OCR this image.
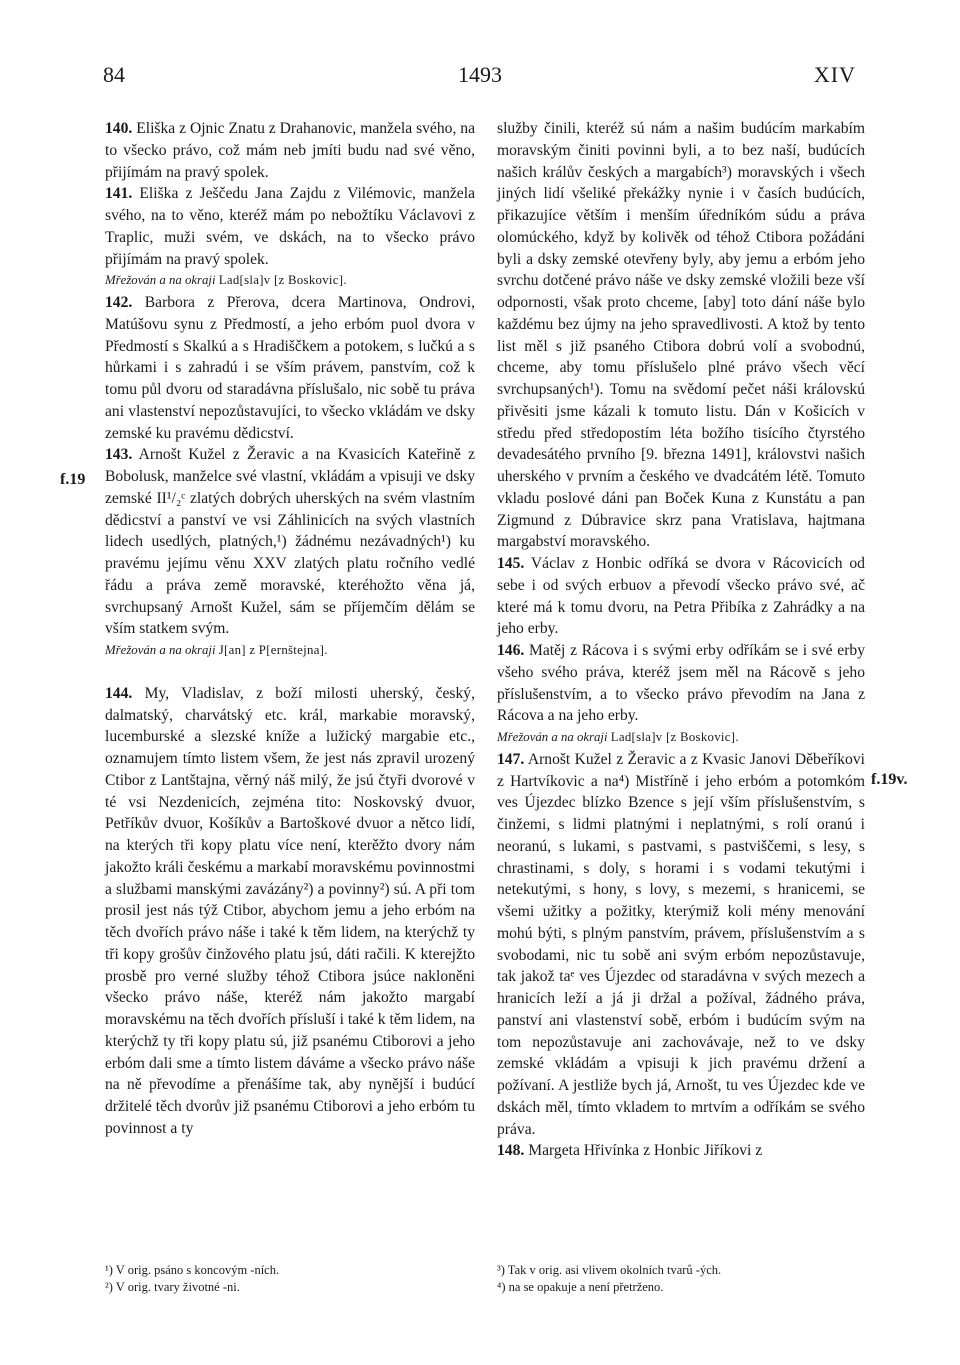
84	1493	XIV
f.19
f.19v.

140. Eliška z Ojnic Znatu z Drahanovic, manžela svého, na to všecko právo, což mám neb jmíti budu nad své věno, přijímám na pravý spolek.

141. Eliška z Ješčedu Jana Zajdu z Vilémovic, manžela svého, na to věno, kteréž mám po nebožtíku Václavovi z Traplic, muži svém, ve dskách, na to všecko právo přijímám na pravý spolek.

Mřežován a na okraji Lad[sla]v [z Boskovic].

142. Barbora z Přerova, dcera Martinova, Ondrovi, Matúšovu synu z Předmostí, a jeho erbóm puol dvora v Předmostí s Skalkú a s Hradiščkem a potokem, s lučkú a s hůrkami i s zahradú i se vším právem, panstvím, což k tomu půl dvoru od staradávna příslušalo, nic sobě tu práva ani vlastenství nepozůstavujíci, to všecko vkládám ve dsky zemské ku pravému dědicství.

143. Arnošt Kužel z Žeravic a na Kvasicích Kateřině z Bobolusk, manželce své vlastní, vkládám a vpisuji ve dsky zemské II¹/₂ᶜ zlatých dobrých uherských na svém vlastním dědicství a panství ve vsi Záhlinicích na svých vlastních lidech usedlých, platných,¹) žádnému nezávadných¹) ku pravému jejímu věnu XXV zlatých platu ročního vedlé řádu a práva země moravské, kteréhožto věna já, svrchupsaný Arnošt Kužel, sám se příjemčím dělám se vším statkem svým.

Mřežován a na okraji J[an] z P[ernštejna].

144. My, Vladislav, z boží milosti uherský, český, dalmatský, charvátský etc. král, markabie moravský, lucemburské a slezské kníže a lužický margabie etc., oznamujem tímto listem všem, že jest nás zpravil urozený Ctibor z Lantštajna, věrný náš milý, že jsú čtyři dvorové v té vsi Nezdenicích, zejména tito: Noskovský dvuor, Petříkův dvuor, Košíkův a Bartoškové dvuor a nětco lidí, na kterých tři kopy platu více není, kterěžto dvory nám jakožto králi českému a markabí moravskému povinnostmi a službami manskými zavázány²) a povinny²) sú. A při tom prosil jest nás týž Ctibor, abychom jemu a jeho erbóm na těch dvořích právo náše i také k těm lidem, na kterýchž ty tři kopy grošův činžového platu jsú, dáti račili. K kterejžto prosbě pro verné služby téhož Ctibora jsúce nakloněni všecko právo náše, kteréž nám jakožto margabí moravskému na těch dvořích přísluší i také k těm lidem, na kterýchž ty tři kopy platu sú, již psanému Ctiborovi a jeho erbóm dali sme a tímto listem dáváme a všecko právo náše na ně převodíme a přenášíme tak, aby nynější i budúcí držitelé těch dvorův již psanému Ctiborovi a jeho erbóm tu povinnost a ty

služby činili, kteréž sú nám a našim budúcím markabím moravským činiti povinni byli, a to bez naší, budúcích našich králův českých a margabích³) moravských i všech jiných lidí všeliké překážky nynie i v časích budúcích, přikazujíce větším i menším úředníkóm súdu a práva olomúckého, když by kolivěk od téhož Ctibora požádáni byli a dsky zemské otevřeny byly, aby jemu a erbóm jeho svrchu dotčené právo náše ve dsky zemské vložili beze vší odpornosti, však proto chceme, [aby] toto dání náše bylo každému bez újmy na jeho spravedlivosti. A ktož by tento list měl s již psaného Ctibora dobrú volí a svobodnú, chceme, aby tomu příslušelo plné právo všech věcí svrchupsaných¹). Tomu na svědomí pečet náši královskú přivěsiti jsme kázali k tomuto listu. Dán v Košicích v středu před středopostím léta božího tisícího čtyrstého devadesátého prvního [9. března 1491], královstvi našich uherského v prvním a českého ve dvadcátém létě. Tomuto vkladu poslové dáni pan Boček Kuna z Kunstátu a pan Zigmund z Dúbravice skrz pana Vratislava, hajtmana margabství moravského.

145. Václav z Honbic odříká se dvora v Rácovicích od sebe i od svých erbuov a převodí všecko právo své, ač které má k tomu dvoru, na Petra Přibíka z Zahrádky a na jeho erby.

146. Matěj z Rácova i s svými erby odříkám se i své erby všeho svého práva, kteréž jsem měl na Rácově s jeho příslušenstvím, a to všecko právo převodím na Jana z Rácova a na jeho erby.

Mřežován a na okraji Lad[sla]v [z Boskovic].

147. Arnošt Kužel z Žeravic a z Kvasic Janovi Děbeříkovi z Hartvíkovic a na⁴) Mistříně i jeho erbóm a potomkóm ves Újezdec blízko Bzence s její vším příslušenstvím, s činžemi, s lidmi platnými i neplatnými, s rolí oranú i neoranú, s lukami, s pastvami, s pastviščemi, s lesy, s chrastinami, s doly, s horami i s vodami tekutými i netekutými, s hony, s lovy, s mezemi, s hranicemi, se všemi užitky a požitky, kterýmiž koli mény menování mohú býti, s plným panstvím, právem, příslušenstvím a s svobodami, nic tu sobě ani svým erbóm nepozůstavuje, tak jakož taᵉ ves Újezdec od staradávna v svých mezech a hranicích leží a já ji držal a požíval, žádného práva, panství ani vlastenství sobě, erbóm i budúcím svým na tom nepozůstavuje ani zachovávaje, než to ve dsky zemské vkládám a vpisuji k jich pravému držení a požívaní. A jestliže bych já, Arnošt, tu ves Újezdec kde ve dskách měl, tímto vkladem to mrtvím a odříkám se svého práva.

148. Margeta Hřivínka z Honbic Jiříkovi z

¹) V orig. psáno s koncovým -ních.

²) V orig. tvary životné -ni.

³) Tak v orig. asi vlivem okolních tvarů -ých.

⁴) na se opakuje a není přetrženo.
